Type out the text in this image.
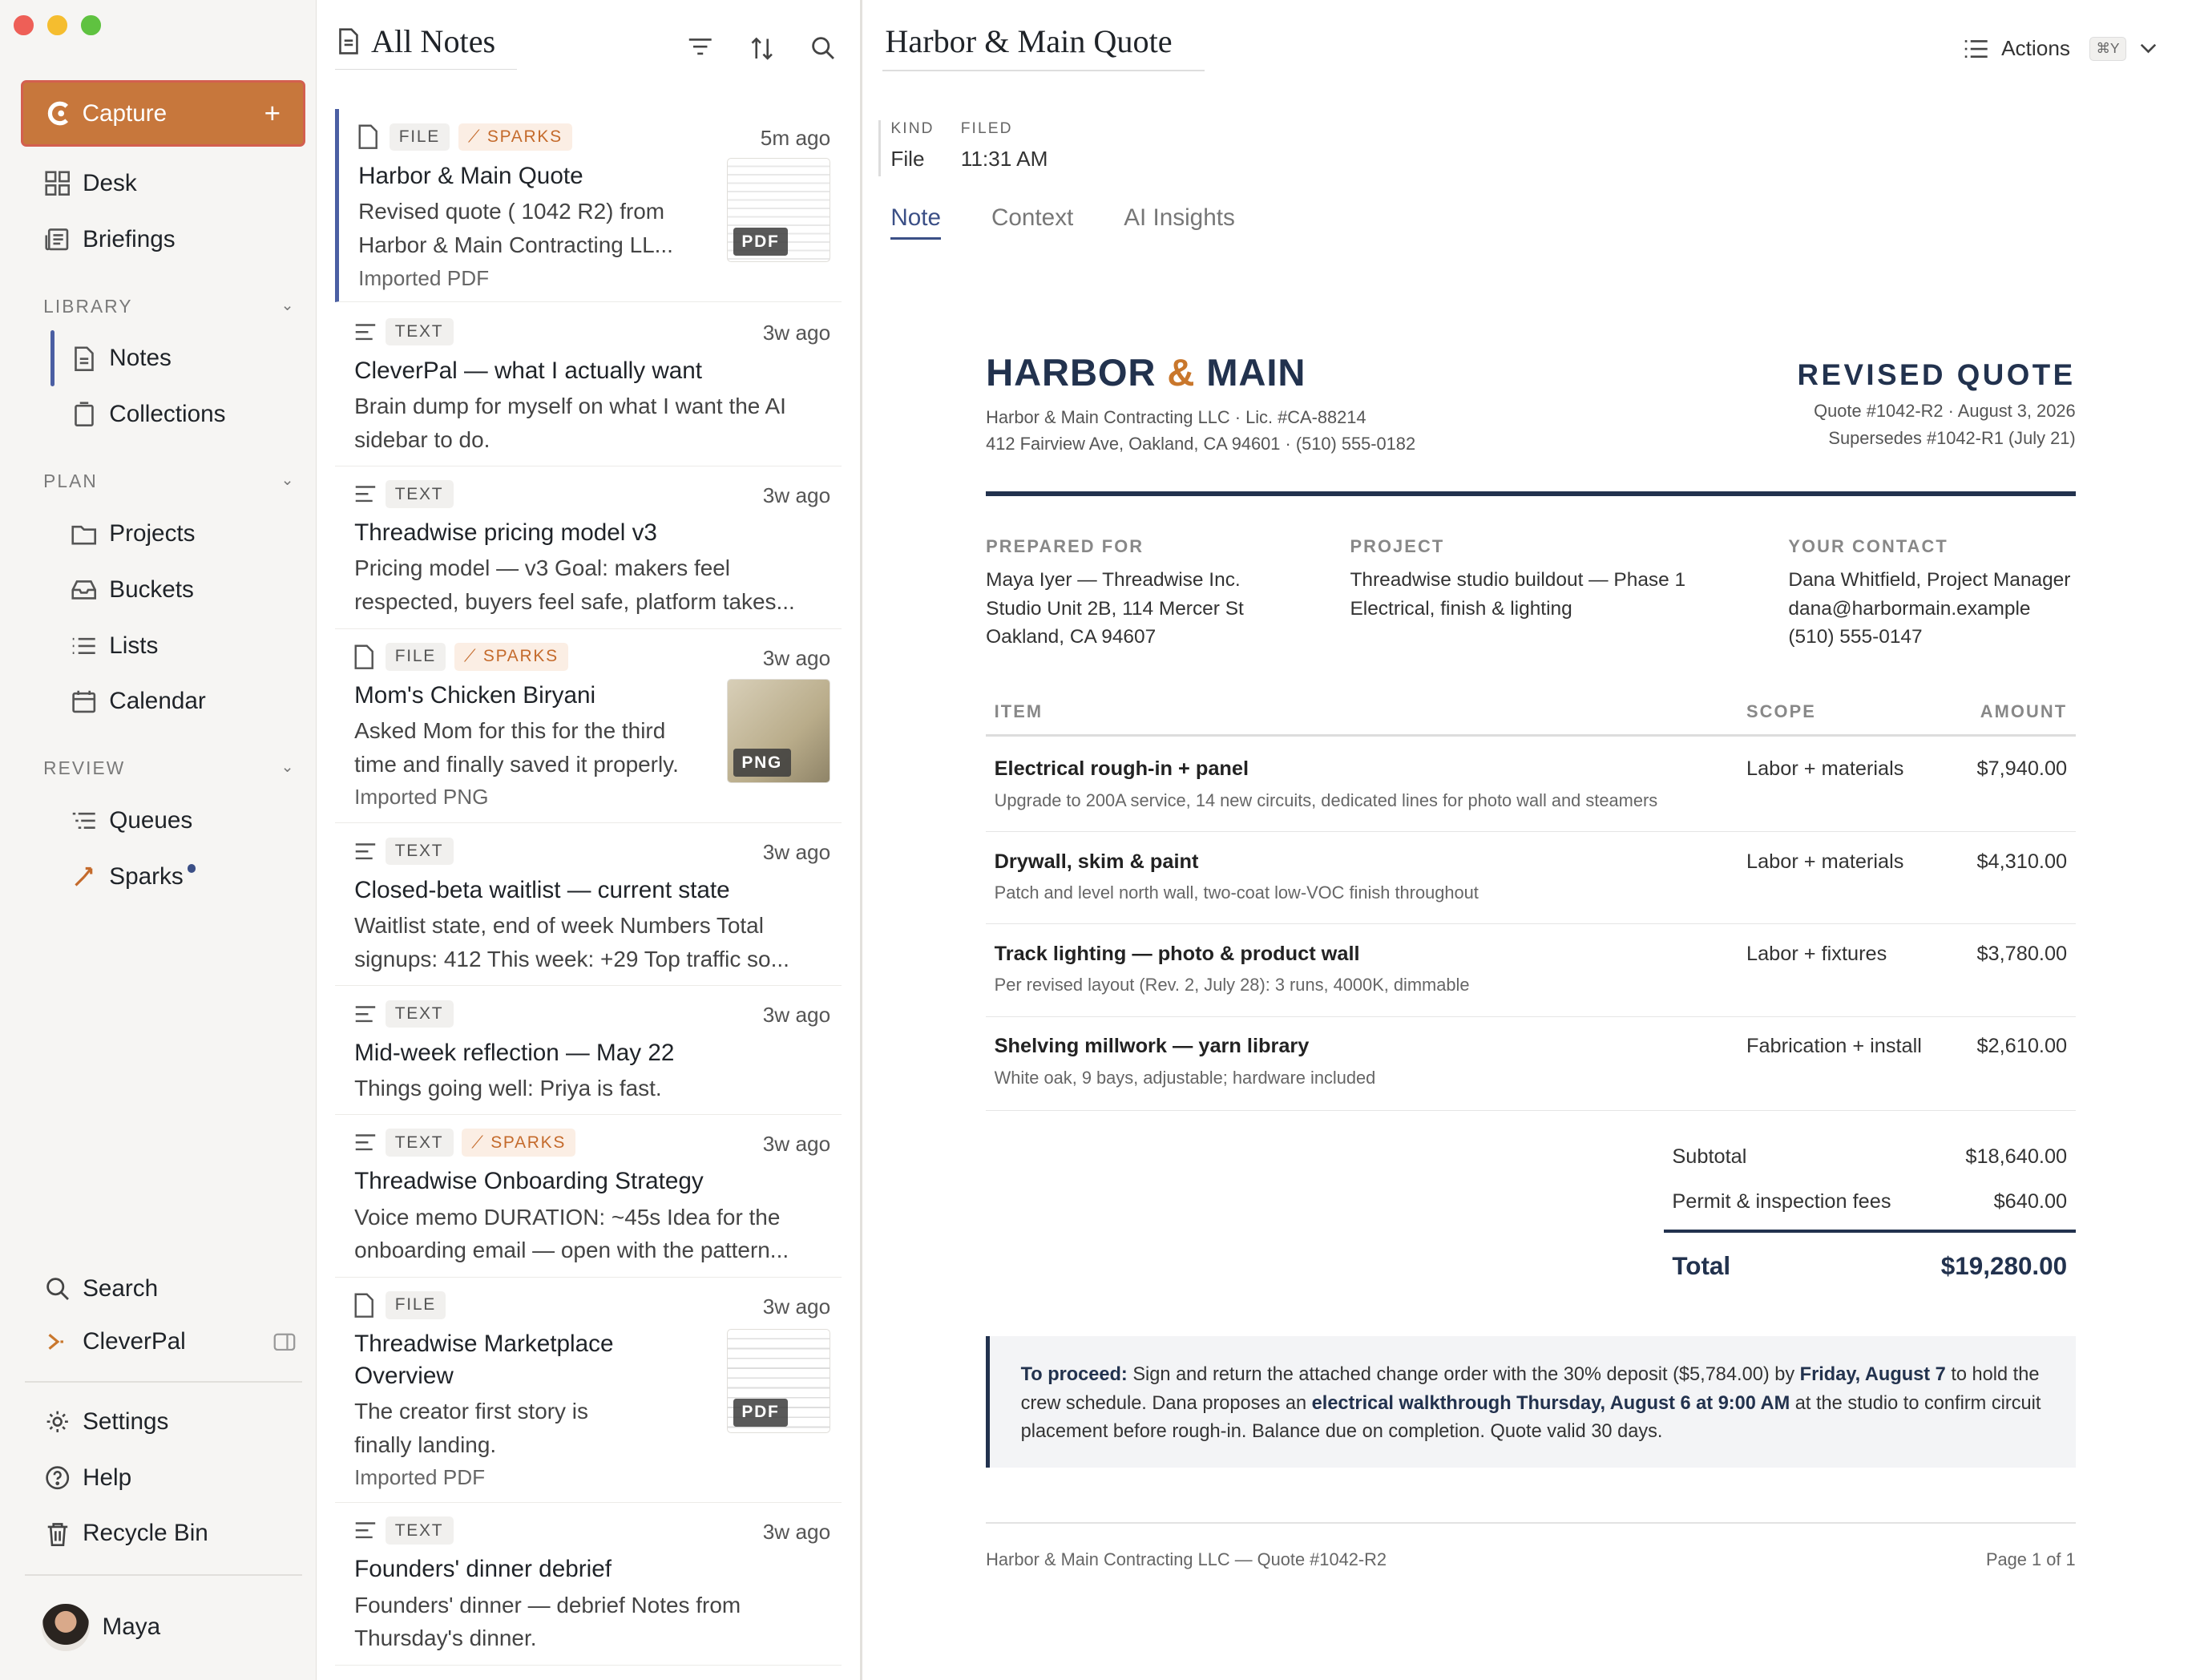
Capture	+
Desk
Briefings
LIBRARY	⌄
Notes
Collections
PLAN	⌄
Projects
Buckets
Lists
Calendar
REVIEW	⌄
Queues
Sparks
Search
CleverPal
Settings
Help
Recycle Bin
Maya
All Notes
FILE	⟋ SPARKS	5m ago
Harbor & Main Quote
Revised quote ( 1042 R2) from
Harbor & Main Contracting LL...
Imported PDF
PDF
TEXT	3w ago
CleverPal — what I actually want
Brain dump for myself on what I want the AI
sidebar to do.
TEXT	3w ago
Threadwise pricing model v3
Pricing model — v3 Goal: makers feel
respected, buyers feel safe, platform takes...
FILE	⟋ SPARKS	3w ago
Mom's Chicken Biryani
Asked Mom for this for the third
time and finally saved it properly.
Imported PNG
PNG
TEXT	3w ago
Closed-beta waitlist — current state
Waitlist state, end of week Numbers Total
signups: 412 This week: +29 Top traffic so...
TEXT	3w ago
Mid-week reflection — May 22
Things going well: Priya is fast.
TEXT	⟋ SPARKS	3w ago
Threadwise Onboarding Strategy
Voice memo DURATION: ~45s Idea for the
onboarding email — open with the pattern...
FILE	3w ago
Threadwise Marketplace
Overview
The creator first story is
finally landing.
Imported PDF
PDF
TEXT	3w ago
Founders' dinner debrief
Founders' dinner — debrief Notes from
Thursday's dinner.
Harbor & Main Quote	Actions	⌘Y
KIND
File
FILED
11:31 AM
Note	Context	AI Insights
HARBOR & MAIN
Harbor & Main Contracting LLC · Lic. #CA-88214
412 Fairview Ave, Oakland, CA 94601 · (510) 555-0182
REVISED QUOTE
Quote #1042-R2 · August 3, 2026
Supersedes #1042-R1 (July 21)
PREPARED FOR
Maya Iyer — Threadwise Inc.
Studio Unit 2B, 114 Mercer St
Oakland, CA 94607
PROJECT
Threadwise studio buildout — Phase 1
Electrical, finish & lighting
YOUR CONTACT
Dana Whitfield, Project Manager
dana@harbormain.example
(510) 555-0147
ITEM	SCOPE	AMOUNT
Electrical rough-in + panel
Upgrade to 200A service, 14 new circuits, dedicated lines for photo wall and steamers
Labor + materials	$7,940.00
Drywall, skim & paint
Patch and level north wall, two-coat low-VOC finish throughout
Labor + materials	$4,310.00
Track lighting — photo & product wall
Per revised layout (Rev. 2, July 28): 3 runs, 4000K, dimmable
Labor + fixtures	$3,780.00
Shelving millwork — yarn library
White oak, 9 bays, adjustable; hardware included
Fabrication + install	$2,610.00
Subtotal	$18,640.00
Permit & inspection fees	$640.00
Total	$19,280.00
To proceed: Sign and return the attached change order with the 30% deposit ($5,784.00) by Friday, August 7 to hold the crew schedule. Dana proposes an electrical walkthrough Thursday, August 6 at 9:00 AM at the studio to confirm circuit placement before rough-in. Balance due on completion. Quote valid 30 days.
Harbor & Main Contracting LLC — Quote #1042-R2	Page 1 of 1
